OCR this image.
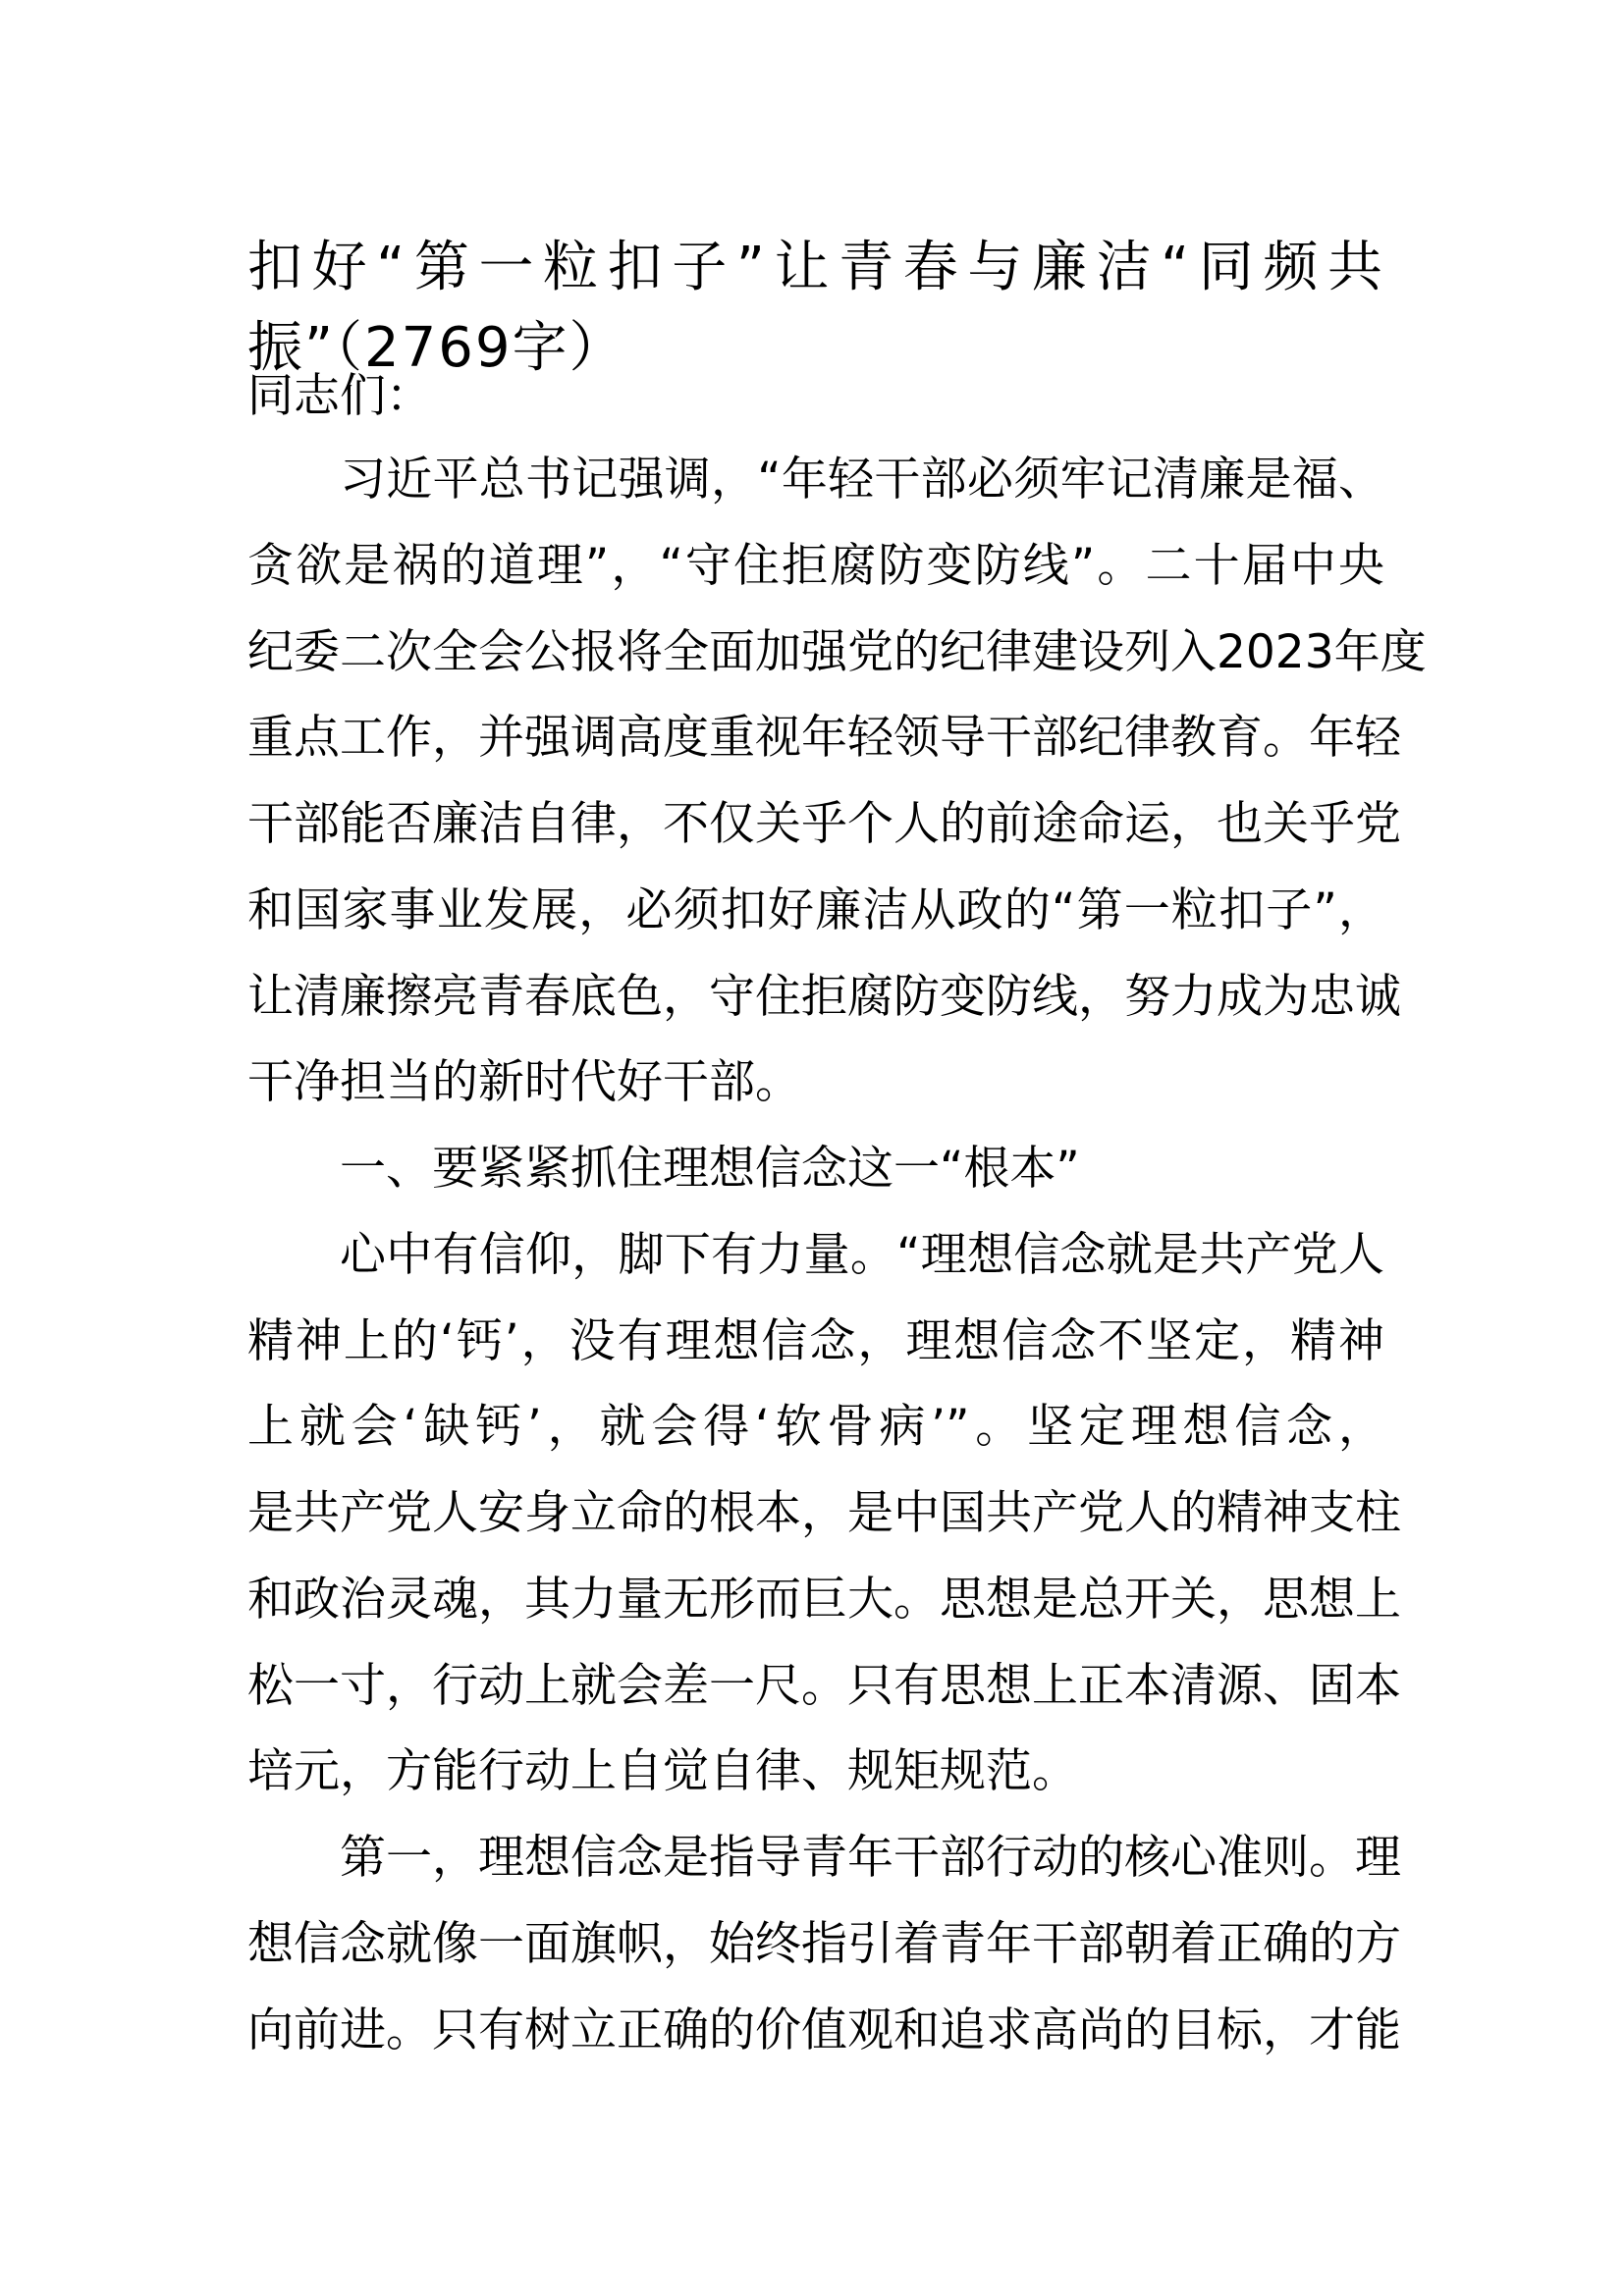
扣好“第一粒扣子”让青春与廉洁“同频共
振”（2769字）
同志们：
习近平总书记强调，“年轻干部必须牢记清廉是福、
贪欲是祸的道理”，“守住拒腐防变防线”。二十届中央
纪委二次全会公报将全面加强党的纪律建设列入2023年度
重点工作，并强调高度重视年轻领导干部纪律教育。年轻
干部能否廉洁自律，不仅关乎个人的前途命运，也关乎党
和国家事业发展，必须扣好廉洁从政的“第一粒扣子”，
让清廉擦亮青春底色，守住拒腐防变防线，努力成为忠诚
干净担当的新时代好干部。
一、要紧紧抓住理想信念这一“根本”
心中有信仰，脚下有力量。“理想信念就是共产党人
精神上的‘钙’，没有理想信念，理想信念不坚定，精神
上就会‘缺钙’，就会得‘软骨病’”。坚定理想信念，
是共产党人安身立命的根本，是中国共产党人的精神支柱
和政治灵魂，其力量无形而巨大。思想是总开关，思想上
松一寸，行动上就会差一尺。只有思想上正本清源、固本
培元，方能行动上自觉自律、规矩规范。
第一，理想信念是指导青年干部行动的核心准则。理
想信念就像一面旗帜，始终指引着青年干部朝着正确的方
向前进。只有树立正确的价值观和追求高尚的目标，才能
